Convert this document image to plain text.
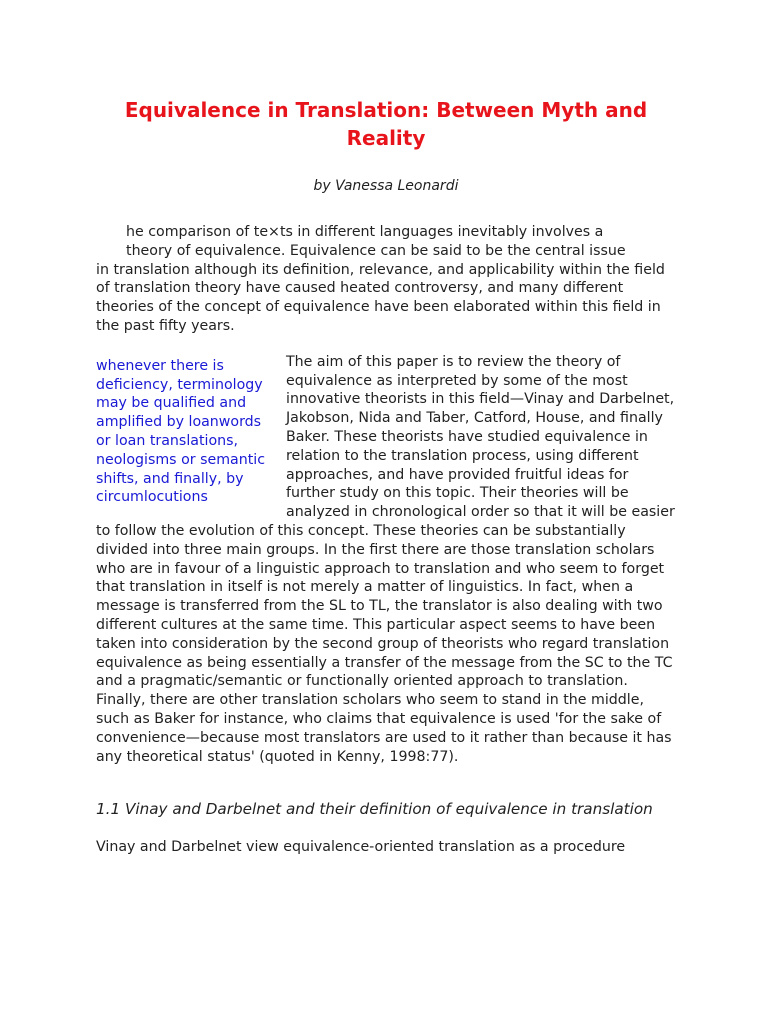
Equivalence in Translation: Between Myth and Reality

by Vanessa Leonardi

he comparison of te×ts in different languages inevitably involves a
theory of equivalence. Equivalence can be said to be the central issue
in translation although its definition, relevance, and applicability within the field of translation theory have caused heated controversy, and many different theories of the concept of equivalence have been elaborated within this field in the past fifty years.

whenever there is deficiency, terminology may be qualified and amplified by loanwords or loan translations, neologisms or semantic shifts, and finally, by circumlocutions

The aim of this paper is to review the theory of equivalence as interpreted by some of the most innovative theorists in this field—Vinay and Darbelnet, Jakobson, Nida and Taber, Catford, House, and finally Baker. These theorists have studied equivalence in relation to the translation process, using different approaches, and have provided fruitful ideas for further study on this topic. Their theories will be analyzed in chronological order so that it will be easier to follow the evolution of this concept. These theories can be substantially divided into three main groups. In the first there are those translation scholars who are in favour of a linguistic approach to translation and who seem to forget that translation in itself is not merely a matter of linguistics. In fact, when a message is transferred from the SL to TL, the translator is also dealing with two different cultures at the same time. This particular aspect seems to have been taken into consideration by the second group of theorists who regard translation equivalence as being essentially a transfer of the message from the SC to the TC and a pragmatic/semantic or functionally oriented approach to translation. Finally, there are other translation scholars who seem to stand in the middle, such as Baker for instance, who claims that equivalence is used 'for the sake of convenience—because most translators are used to it rather than because it has any theoretical status' (quoted in Kenny, 1998:77).

1.1 Vinay and Darbelnet and their definition of equivalence in translation

Vinay and Darbelnet view equivalence-oriented translation as a procedure
